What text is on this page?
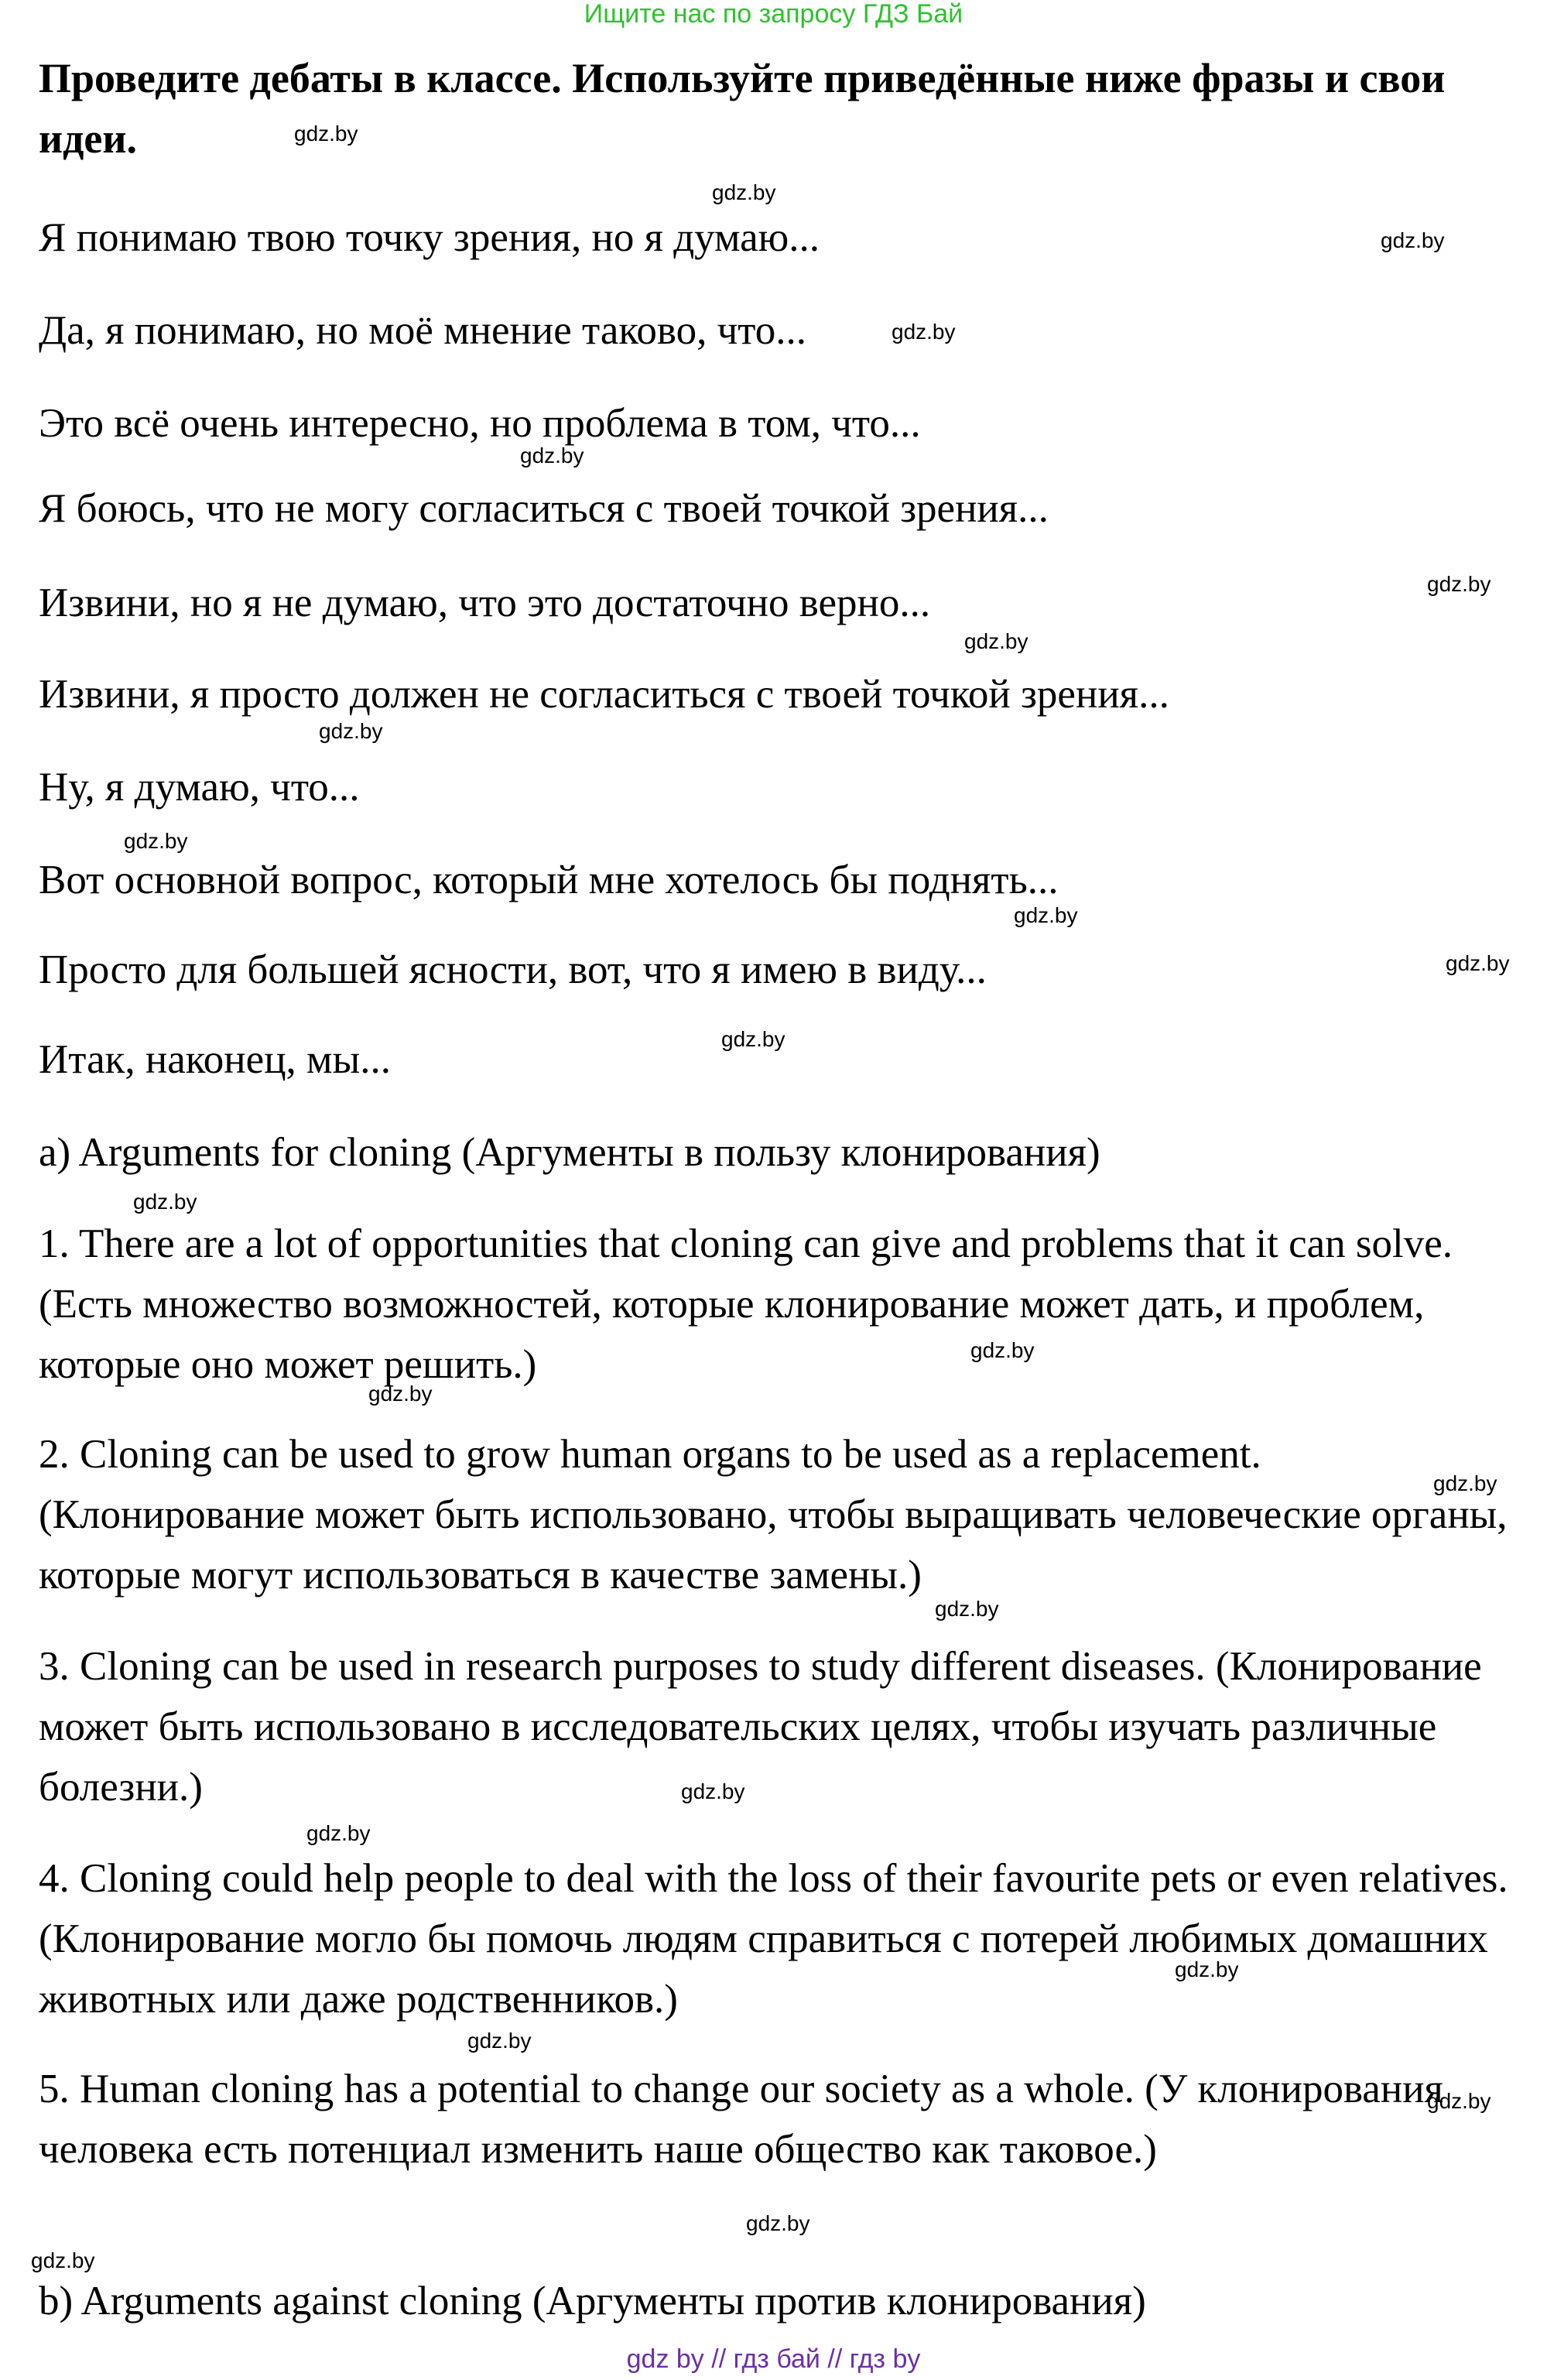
Ищите нас по запросу ГДЗ Бай
Проведите дебаты в классе. Используйте приведённые ниже фразы и свои идеи.
Я понимаю твою точку зрения, но я думаю...
Да, я понимаю, но моё мнение таково, что...
Это всё очень интересно, но проблема в том, что...
Я боюсь, что не могу согласиться с твоей точкой зрения...
Извини, но я не думаю, что это достаточно верно...
Извини, я просто должен не согласиться с твоей точкой зрения...
Ну, я думаю, что...
Вот основной вопрос, который мне хотелось бы поднять...
Просто для большей ясности, вот, что я имею в виду...
Итак, наконец, мы...
a) Arguments for cloning (Аргументы в пользу клонирования)
1. There are a lot of opportunities that cloning can give and problems that it can solve. (Есть множество возможностей, которые клонирование может дать, и проблем, которые оно может решить.)
2. Cloning can be used to grow human organs to be used as a replacement. (Клонирование может быть использовано, чтобы выращивать человеческие органы, которые могут использоваться в качестве замены.)
3. Cloning can be used in research purposes to study different diseases. (Клонирование может быть использовано в исследовательских целях, чтобы изучать различные болезни.)
4. Cloning could help people to deal with the loss of their favourite pets or even relatives. (Клонирование могло бы помочь людям справиться с потерей любимых домашних животных или даже родственников.)
5. Human cloning has a potential to change our society as a whole. (У клонирования человека есть потенциал изменить наше общество как таковое.)
b) Arguments against cloning (Аргументы против клонирования)
gdz.by
gdz.by
gdz.by
gdz.by
gdz.by
gdz.by
gdz.by
gdz.by
gdz.by
gdz.by
gdz.by
gdz.by
gdz.by
gdz.by
gdz.by
gdz.by
gdz.by
gdz.by
gdz.by
gdz.by
gdz.by
gdz.by
gdz.by
gdz.by
gdz by // гдз бай // гдз by
